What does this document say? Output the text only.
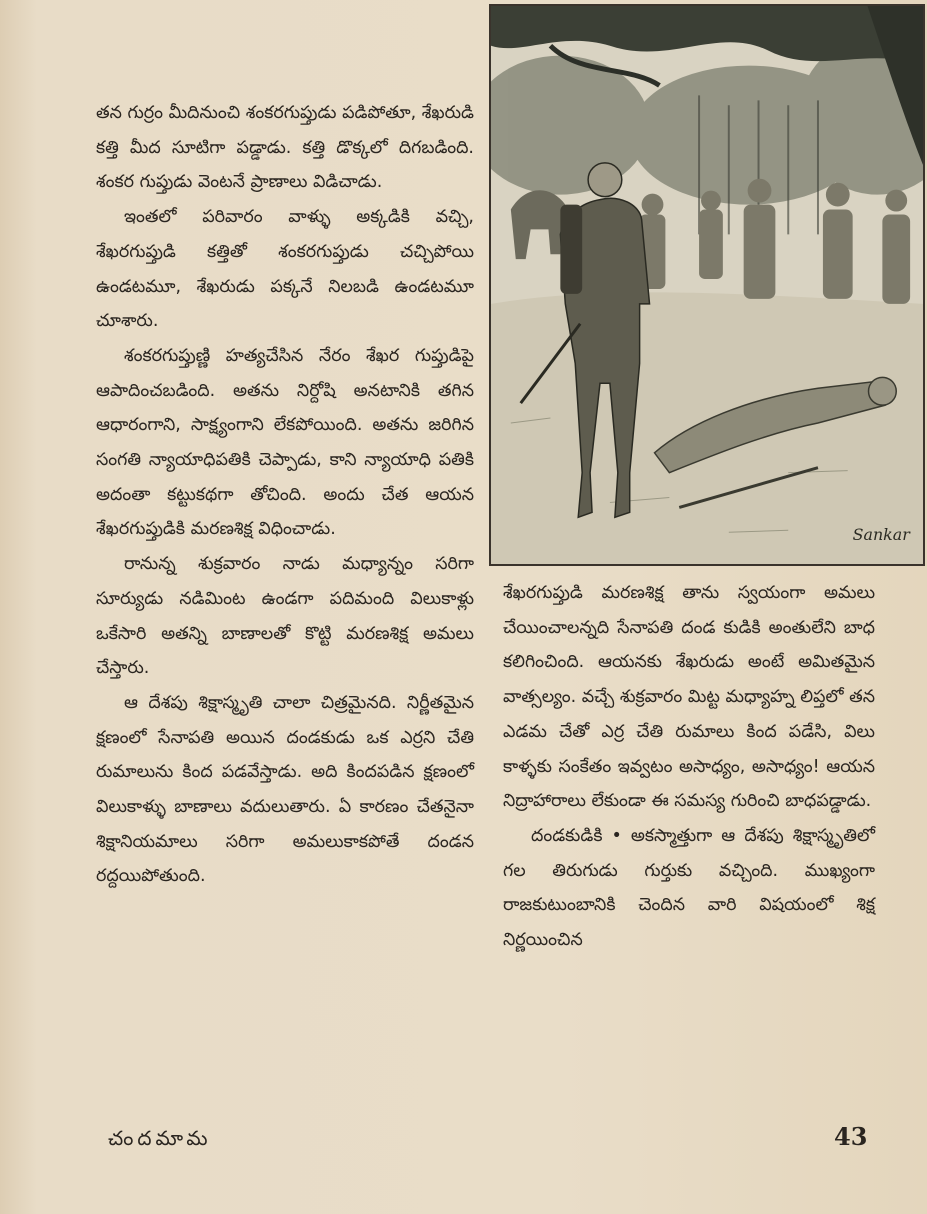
తన గుర్రం మీదినుంచి శంకరగుప్తుడు పడిపోతూ, శేఖరుడి కత్తి మీద సూటిగా పడ్డాడు. కత్తి డొక్కలో దిగబడింది. శంకర గుప్తుడు వెంటనే ప్రాణాలు విడిచాడు.

ఇంతలో పరివారం వాళ్ళు అక్కడికి వచ్చి, శేఖరగుప్తుడి కత్తితో శంకరగుప్తుడు చచ్చిపోయి ఉండటమూ, శేఖరుడు పక్కనే నిలబడి ఉండటమూ చూశారు.

శంకరగుప్తుణ్ణి హత్యచేసిన నేరం శేఖర గుప్తుడిపై ఆపాదించబడింది. అతను నిర్దోషి అనటానికి తగిన ఆధారంగాని, సాక్ష్యంగాని లేకపోయింది. అతను జరిగిన సంగతి న్యాయాధిపతికి చెప్పాడు, కాని న్యాయాధి పతికి అదంతా కట్టుకథగా తోచింది. అందు చేత ఆయన శేఖరగుప్తుడికి మరణశిక్ష విధించాడు.

రానున్న శుక్రవారం నాడు మధ్యాన్నం సరిగా సూర్యుడు నడిమింట ఉండగా పదిమంది విలుకాళ్లు ఒకేసారి అతన్ని బాణాలతో కొట్టి మరణశిక్ష అమలు చేస్తారు.

ఆ దేశపు శిక్షాస్మృతి చాలా చిత్రమైనది. నిర్ణీతమైన క్షణంలో సేనాపతి అయిన దండకుడు ఒక ఎర్రని చేతి రుమాలును కింద పడవేస్తాడు. అది కిందపడిన క్షణంలో విలుకాళ్ళు బాణాలు వదులుతారు. ఏ కారణం చేతనైనా శిక్షానియమాలు సరిగా అమలుకాకపోతే దండన రద్దయిపోతుంది.

Sankar

శేఖరగుప్తుడి మరణశిక్ష తాను స్వయంగా అమలు చేయించాలన్నది సేనాపతి దండ కుడికి అంతులేని బాధ కలిగించింది. ఆయనకు శేఖరుడు అంటే అమితమైన వాత్సల్యం. వచ్చే శుక్రవారం మిట్ట మధ్యాహ్న లిప్తలో తన ఎడమ చేతో ఎర్ర చేతి రుమాలు కింద పడేసి, విలు కాళ్ళకు సంకేతం ఇవ్వటం అసాధ్యం, అసాధ్యం! ఆయన నిద్రాహారాలు లేకుండా ఈ సమస్య గురించి బాధపడ్డాడు.

దండకుడికి • అకస్మాత్తుగా ఆ దేశపు శిక్షాస్మృతిలో గల తిరుగుడు గుర్తుకు వచ్చింది. ముఖ్యంగా రాజకుటుంబానికి చెందిన వారి విషయంలో శిక్ష నిర్ణయించిన

చందమామ	43
